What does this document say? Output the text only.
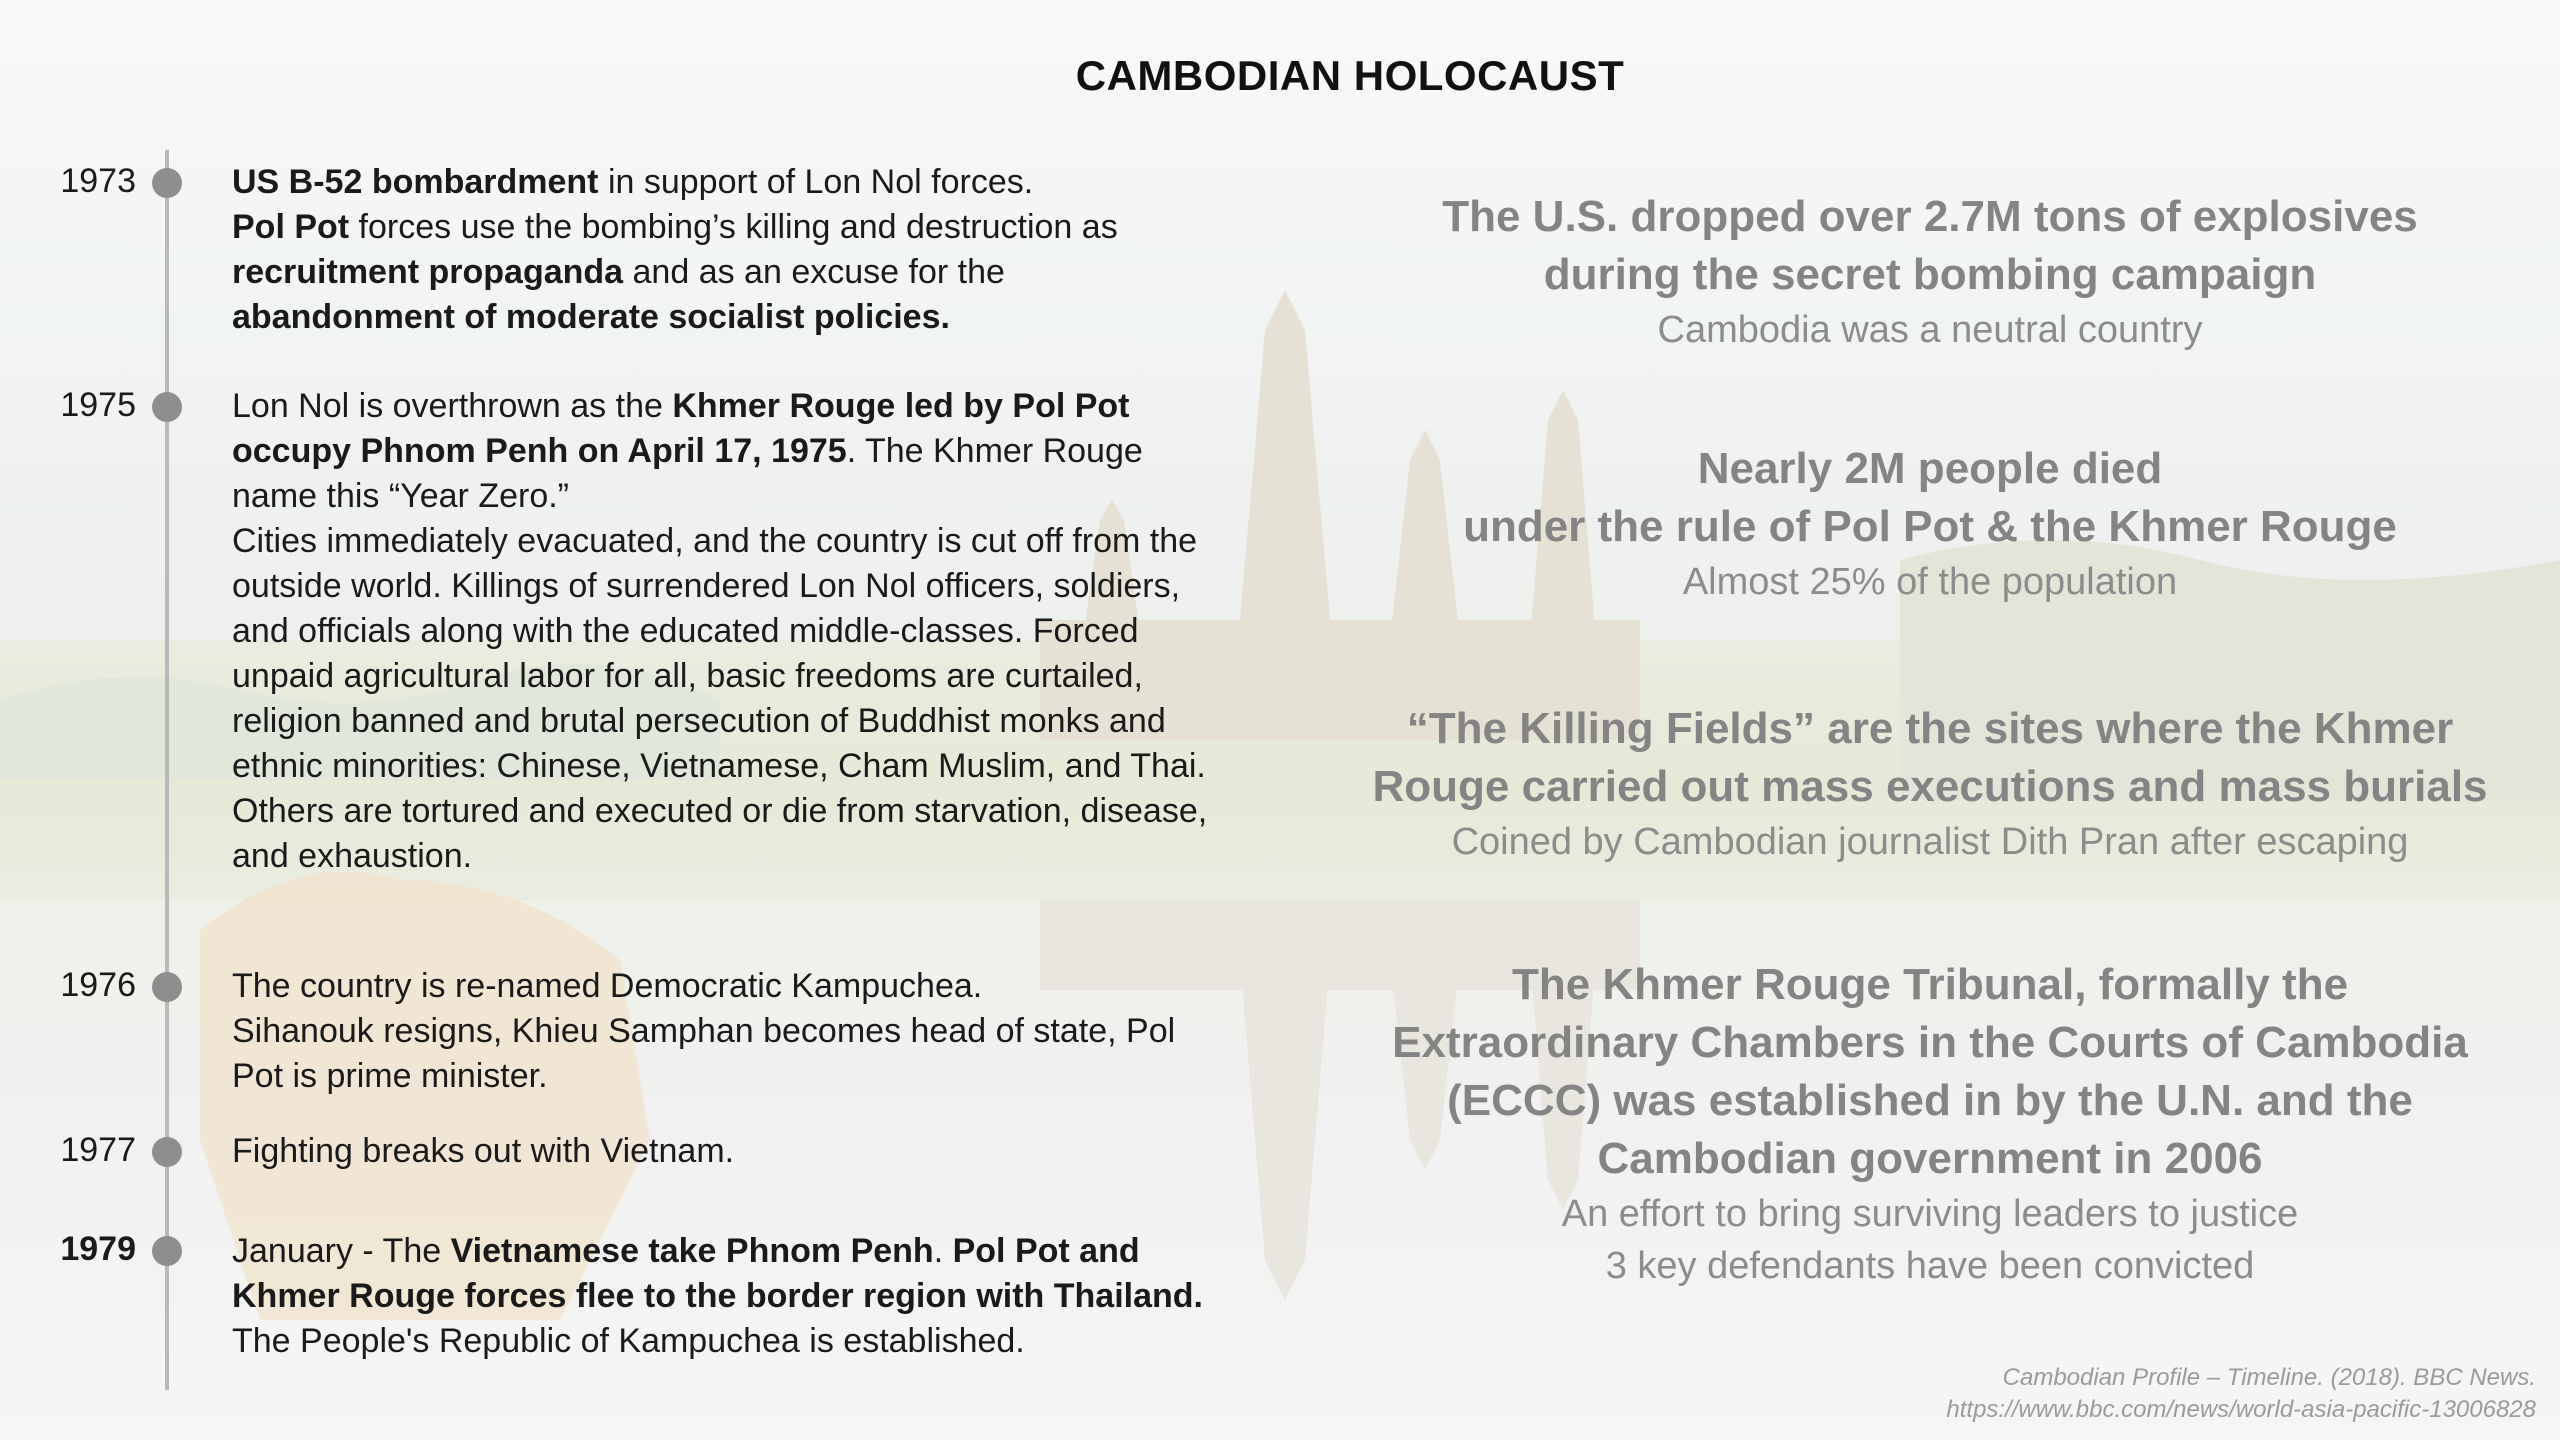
CAMBODIAN HOLOCAUST
1973	US B-52 bombardment in support of Lon Nol forces.

Pol Pot forces use the bombing’s killing and destruction as recruitment propaganda and as an excuse for the abandonment of moderate socialist policies.

1975	Lon Nol is overthrown as the Khmer Rouge led by Pol Pot occupy Phnom Penh on April 17, 1975. The Khmer Rouge name this “Year Zero.”

Cities immediately evacuated, and the country is cut off from the outside world. Killings of surrendered Lon Nol officers, soldiers, and officials along with the educated middle-classes. Forced unpaid agricultural labor for all, basic freedoms are curtailed, religion banned and brutal persecution of Buddhist monks and ethnic minorities: Chinese, Vietnamese, Cham Muslim, and Thai. Others are tortured and executed or die from starvation, disease, and exhaustion.

1976	The country is re-named Democratic Kampuchea.

Sihanouk resigns, Khieu Samphan becomes head of state, Pol Pot is prime minister.

1977	Fighting breaks out with Vietnam.

1979	January - The Vietnamese take Phnom Penh. Pol Pot and Khmer Rouge forces flee to the border region with Thailand.

The People's Republic of Kampuchea is established.

The U.S. dropped over 2.7M tons of explosives
during the secret bombing campaign
Cambodia was a neutral country
Nearly 2M people died
under the rule of Pol Pot & the Khmer Rouge
Almost 25% of the population
“The Killing Fields” are the sites where the Khmer
Rouge carried out mass executions and mass burials
Coined by Cambodian journalist Dith Pran after escaping
The Khmer Rouge Tribunal, formally the
Extraordinary Chambers in the Courts of Cambodia
(ECCC) was established in by the U.N. and the
Cambodian government in 2006
An effort to bring surviving leaders to justice
3 key defendants have been convicted
Cambodian Profile – Timeline. (2018). BBC News.
https://www.bbc.com/news/world-asia-pacific-13006828
